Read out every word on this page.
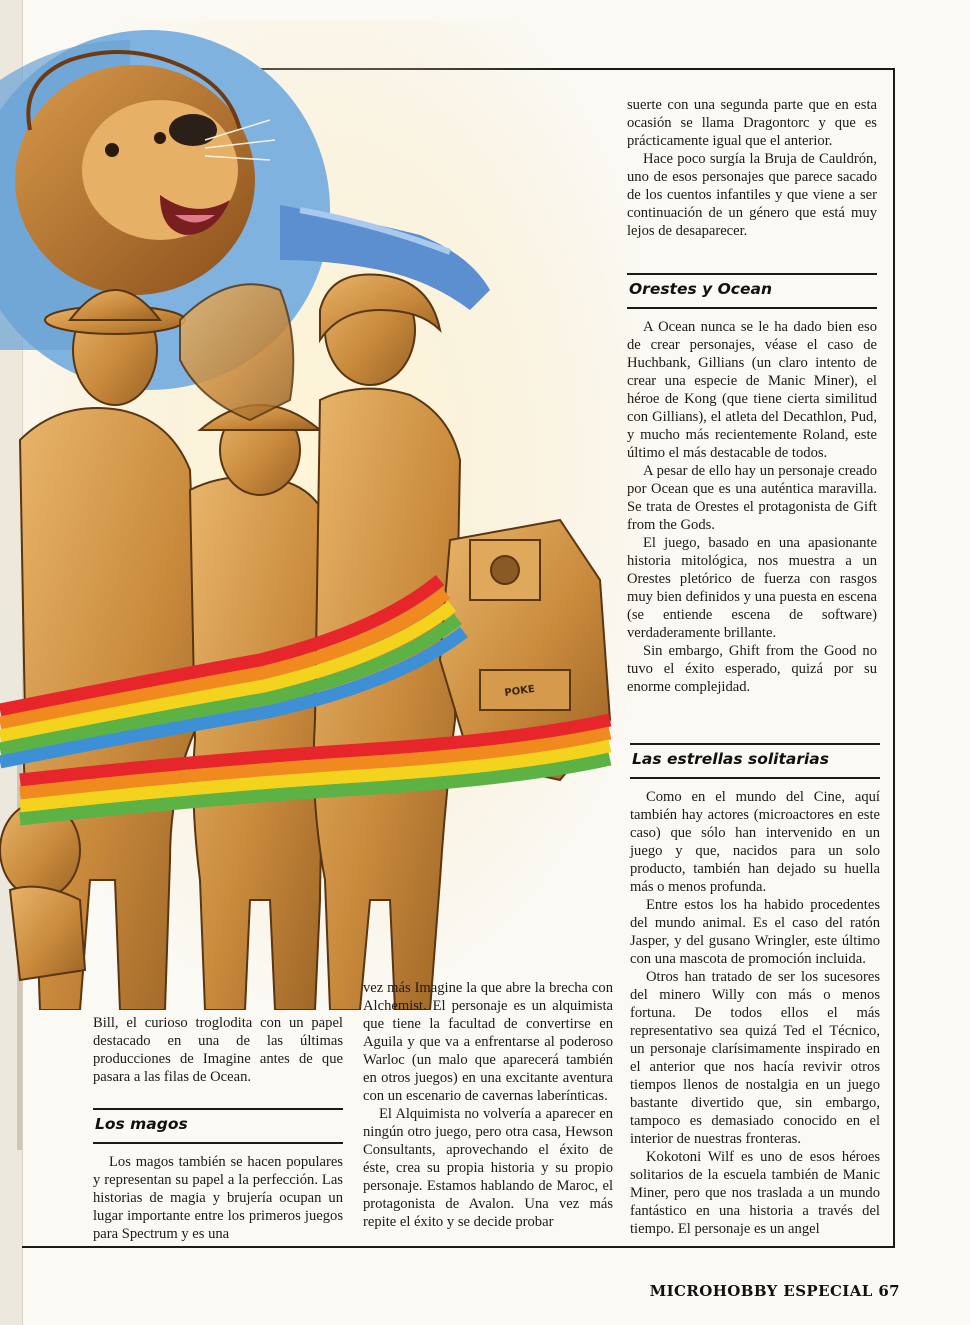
POKE

suerte con una segunda parte que en esta ocasión se llama Dragontorc y que es prácticamente igual que el anterior.

Hace poco surgía la Bruja de Cauldrón, uno de esos personajes que parece sacado de los cuentos infantiles y que viene a ser continuación de un género que está muy lejos de desaparecer.

Orestes y Ocean

A Ocean nunca se le ha dado bien eso de crear personajes, véase el caso de Huchbank, Gillians (un claro intento de crear una especie de Manic Miner), el héroe de Kong (que tiene cierta similitud con Gillians), el atleta del Decathlon, Pud, y mucho más recientemente Roland, este último el más destacable de todos.

A pesar de ello hay un personaje creado por Ocean que es una auténtica maravilla. Se trata de Orestes el protagonista de Gift from the Gods.

El juego, basado en una apasionante historia mitológica, nos muestra a un Orestes pletórico de fuerza con rasgos muy bien definidos y una puesta en escena (se entiende escena de software) verdaderamente brillante.

Sin embargo, Ghift from the Good no tuvo el éxito esperado, quizá por su enorme complejidad.

Las estrellas solitarias

Como en el mundo del Cine, aquí también hay actores (microactores en este caso) que sólo han intervenido en un juego y que, nacidos para un solo producto, también han dejado su huella más o menos profunda.

Entre estos los ha habido procedentes del mundo animal. Es el caso del ratón Jasper, y del gusano Wringler, este último con una mascota de promoción incluida.

Otros han tratado de ser los sucesores del minero Willy con más o menos fortuna. De todos ellos el más representativo sea quizá Ted el Técnico, un personaje clarísimamente inspirado en el anterior que nos hacía revivir otros tiempos llenos de nostalgia en un juego bastante divertido que, sin embargo, tampoco es demasiado conocido en el interior de nuestras fronteras.

Kokotoni Wilf es uno de esos héroes solitarios de la escuela también de Manic Miner, pero que nos traslada a un mundo fantástico en una historia a través del tiempo. El personaje es un angel

Bill, el curioso troglodita con un papel destacado en una de las últimas producciones de Imagine antes de que pasara a las filas de Ocean.

Los magos

Los magos también se hacen populares y representan su papel a la perfección. Las historias de magia y brujería ocupan un lugar importante entre los primeros juegos para Spectrum y es una

vez más Imagine la que abre la brecha con Alchemist. El personaje es un alquimista que tiene la facultad de convertirse en Aguila y que va a enfrentarse al poderoso Warloc (un malo que aparecerá también en otros juegos) en una excitante aventura con un escenario de cavernas laberínticas.

El Alquimista no volvería a aparecer en ningún otro juego, pero otra casa, Hewson Consultants, aprovechando el éxito de éste, crea su propia historia y su propio personaje. Estamos hablando de Maroc, el protagonista de Avalon. Una vez más repite el éxito y se decide probar

MICROHOBBY ESPECIAL 67
